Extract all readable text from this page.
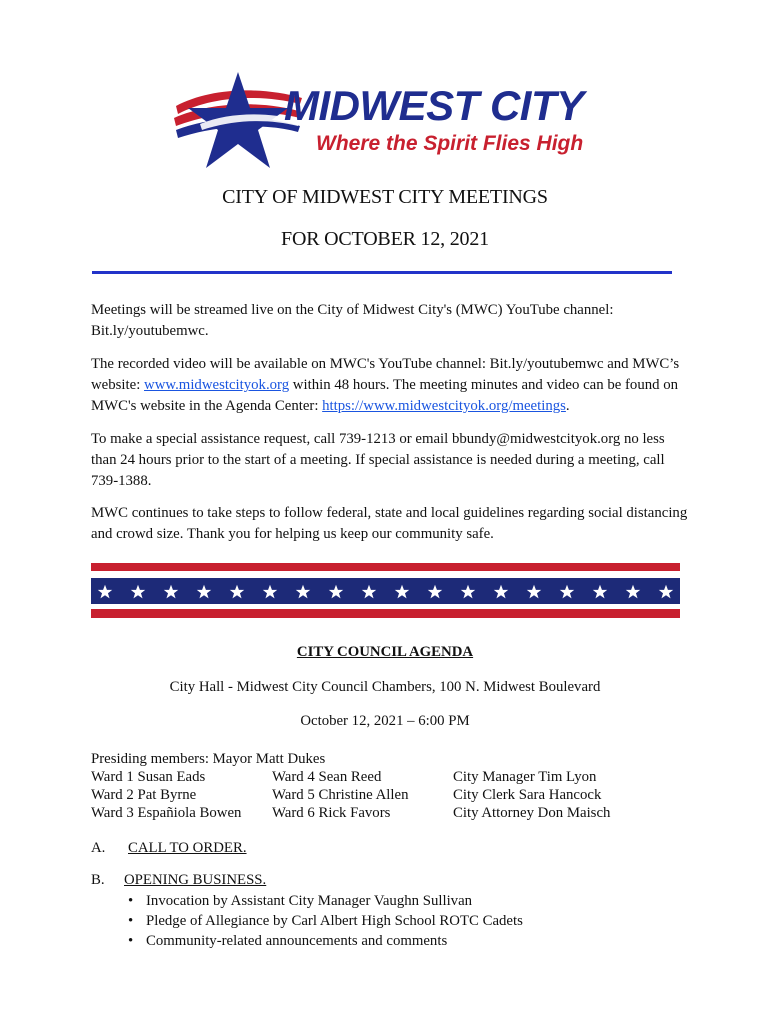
MIDWEST CITY
Where the Spirit Flies High
CITY OF MIDWEST CITY MEETINGS
FOR OCTOBER 12, 2021
Meetings will be streamed live on the City of Midwest City's (MWC) YouTube channel: Bit.ly/youtubemwc.
The recorded video will be available on MWC's YouTube channel: Bit.ly/youtubemwc and MWC’s website: www.midwestcityok.org within 48 hours. The meeting minutes and video can be found on MWC's website in the Agenda Center: https://www.midwestcityok.org/meetings.
To make a special assistance request, call 739-1213 or email bbundy@midwestcityok.org no less than 24 hours prior to the start of a meeting. If special assistance is needed during a meeting, call 739-1388.
MWC continues to take steps to follow federal, state and local guidelines regarding social distancing and crowd size. Thank you for helping us keep our community safe.
CITY COUNCIL AGENDA
City Hall - Midwest City Council Chambers, 100 N. Midwest Boulevard
October 12, 2021 – 6:00 PM
Presiding members: Mayor Matt Dukes
Ward 1 Susan Eads
Ward 2 Pat Byrne
Ward 3 Españiola Bowen
Ward 4 Sean Reed
Ward 5 Christine Allen
Ward 6 Rick Favors
City Manager Tim Lyon
City Clerk Sara Hancock
City Attorney Don Maisch
A. CALL TO ORDER.
B. OPENING BUSINESS.
• Invocation by Assistant City Manager Vaughn Sullivan
• Pledge of Allegiance by Carl Albert High School ROTC Cadets
• Community-related announcements and comments
